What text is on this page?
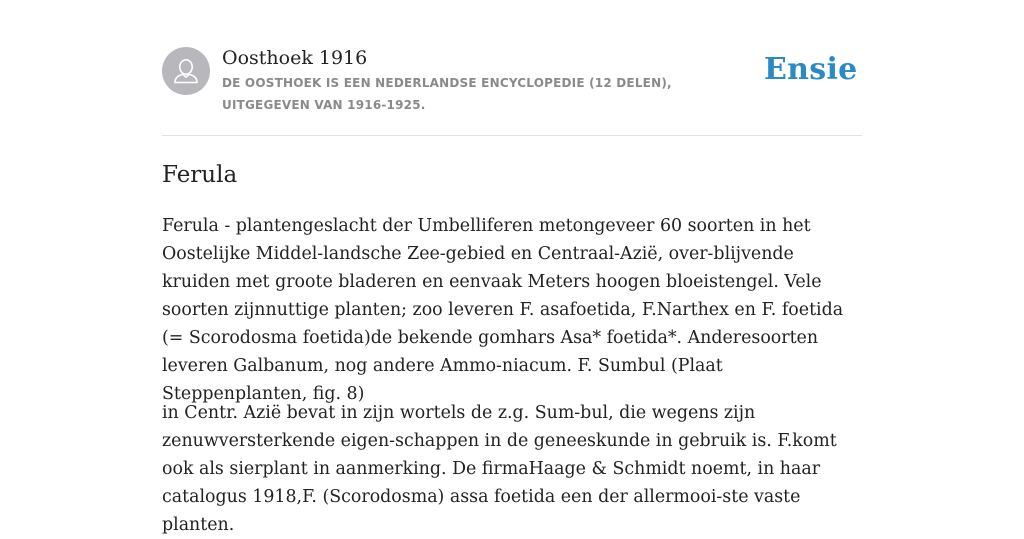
Oosthoek 1916
DE OOSTHOEK IS EEN NEDERLANDSE ENCYCLOPEDIE (12 DELEN), UITGEGEVEN VAN 1916-1925.
Ensie
Ferula

Ferula - plantengeslacht der Umbelliferen metongeveer 60 soorten in het Oostelijke Middel-landsche Zee-gebied en Centraal-Azië, over-blijvende kruiden met groote bladeren en eenvaak Meters hoogen bloeistengel. Vele soorten zijnnuttige planten; zoo leveren F. asafoetida, F.Narthex en F. foetida (= Scorodosma foetida)de bekende gomhars Asa* foetida*. Anderesoorten leveren Galbanum, nog andere Ammo-niacum. F. Sumbul (Plaat Steppenplanten, fig. 8)

in Centr. Azië bevat in zijn wortels de z.g. Sum-bul, die wegens zijn zenuwversterkende eigen-schappen in de geneeskunde in gebruik is. F.komt ook als sierplant in aanmerking. De firmaHaage & Schmidt noemt, in haar catalogus 1918,F. (Scorodosma) assa foetida een der allermooi-ste vaste planten.
